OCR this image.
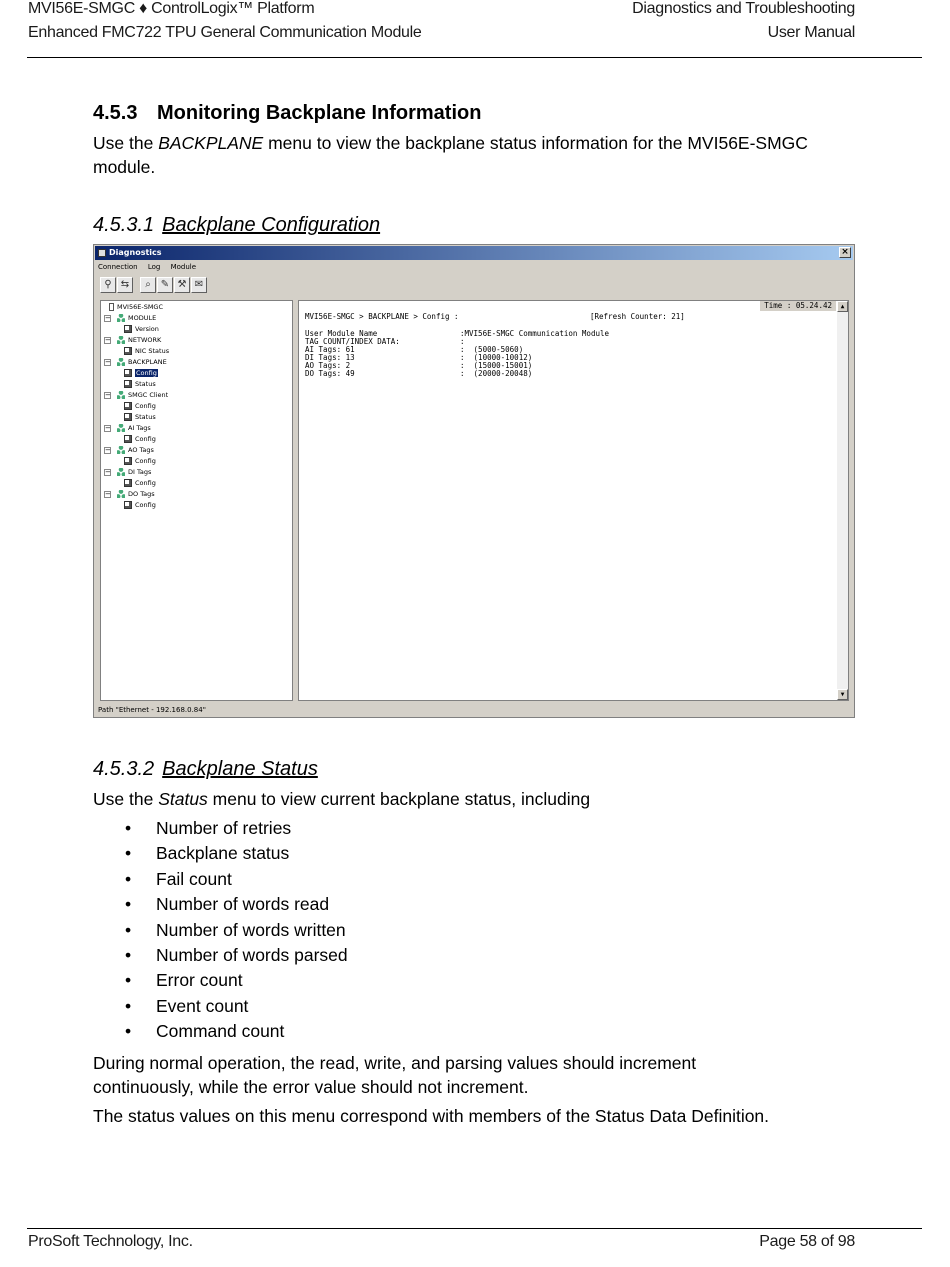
MVI56E-SMGC ♦ ControlLogix™ Platform
Enhanced FMC722 TPU General Communication Module
Diagnostics and Troubleshooting
User Manual
4.5.3 Monitoring Backplane Information
Use the BACKPLANE menu to view the backplane status information for the MVI56E-SMGC module.
4.5.3.1 Backplane Configuration
Diagnostics	×
Connection Log Module
⚲ ⇆	⌕	✎ ⚒ ✉
MVI56E-SMGC
−	MODULE
Version
−	NETWORK
NIC Status
−	BACKPLANE
Config
Status
−	SMGC Client
Config
Status
−	AI Tags
Config
−	AO Tags
Config
−	DI Tags
Config
−	DO Tags
Config
Time : 05.24.42
MVI56E-SMGC > BACKPLANE > Config :	[Refresh Counter: 21]
User Module Name	:MVI56E-SMGC Communication Module
TAG COUNT/INDEX DATA:	:
AI Tags: 61	:  (5000-5060)
DI Tags: 13	:  (10000-10012)
AO Tags: 2	:  (15000-15001)
DO Tags: 49	:  (20000-20048)
▲
▼
Path "Ethernet - 192.168.0.84"
4.5.3.2 Backplane Status
Use the Status menu to view current backplane status, including
• Number of retries
• Backplane status
• Fail count
• Number of words read
• Number of words written
• Number of words parsed
• Error count
• Event count
• Command count
During normal operation, the read, write, and parsing values should increment continuously, while the error value should not increment.
The status values on this menu correspond with members of the Status Data Definition.
ProSoft Technology, Inc.	Page 58 of 98
